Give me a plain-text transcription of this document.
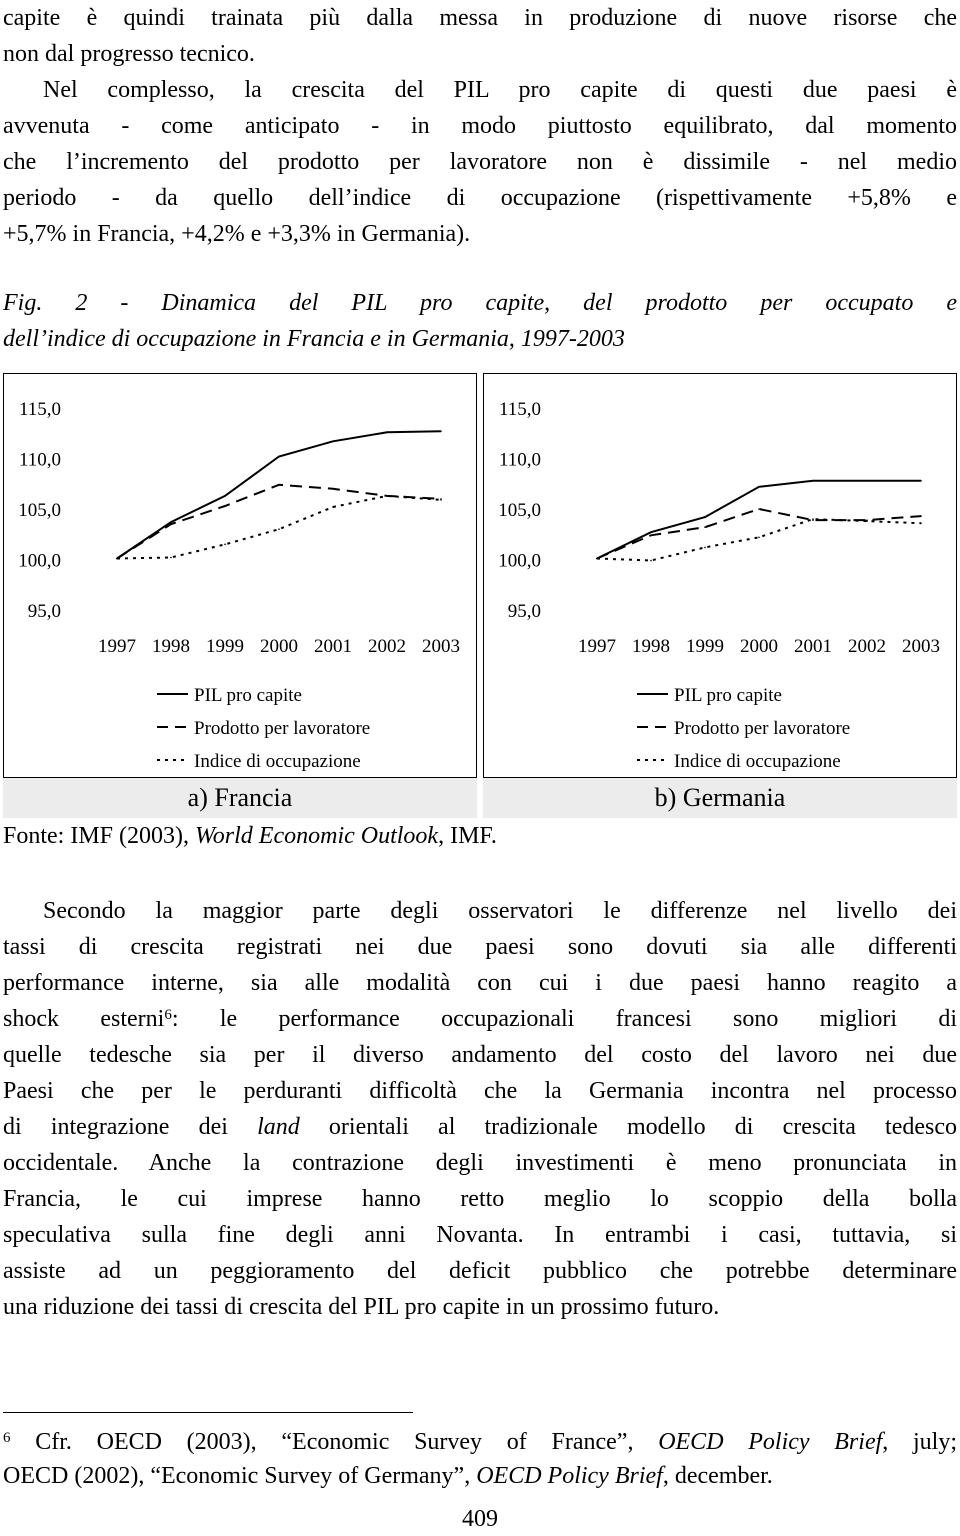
capite è quindi trainata più dalla messa in produzione di nuove risorse che
non dal progresso tecnico.
Nel complesso, la crescita del PIL pro capite di questi due paesi è
avvenuta - come anticipato - in modo piuttosto equilibrato, dal momento
che l’incremento del prodotto per lavoratore non è dissimile - nel medio
periodo - da quello dell’indice di occupazione (rispettivamente +5,8% e
+5,7% in Francia, +4,2% e +3,3% in Germania).
Fig. 2 - Dinamica del PIL pro capite, del prodotto per occupato e
dell’indice di occupazione in Francia e in Germania, 1997-2003
115,0
110,0
105,0
100,0
95,0
1997 1998 1999 2000 2001 2002 2003
PIL pro capite
Prodotto per lavoratore
Indice di occupazione
a) Francia
115,0
110,0
105,0
100,0
95,0
1997 1998 1999 2000 2001 2002 2003
PIL pro capite
Prodotto per lavoratore
Indice di occupazione
b) Germania
Fonte: IMF (2003), World Economic Outlook, IMF.
Secondo la maggior parte degli osservatori le differenze nel livello dei
tassi di crescita registrati nei due paesi sono dovuti sia alle differenti
performance interne, sia alle modalità con cui i due paesi hanno reagito a
shock esterni$^6$: le performance occupazionali francesi sono migliori di
quelle tedesche sia per il diverso andamento del costo del lavoro nei due
Paesi che per le perduranti difficoltà che la Germania incontra nel processo
di integrazione dei land orientali al tradizionale modello di crescita tedesco
occidentale. Anche la contrazione degli investimenti è meno pronunciata in
Francia, le cui imprese hanno retto meglio lo scoppio della bolla
speculativa sulla fine degli anni Novanta. In entrambi i casi, tuttavia, si
assiste ad un peggioramento del deficit pubblico che potrebbe determinare
una riduzione dei tassi di crescita del PIL pro capite in un prossimo futuro.
$^6$ Cfr. OECD (2003), “Economic Survey of France”, OECD Policy Brief, july;
OECD (2002), “Economic Survey of Germany”, OECD Policy Brief, december.
409
